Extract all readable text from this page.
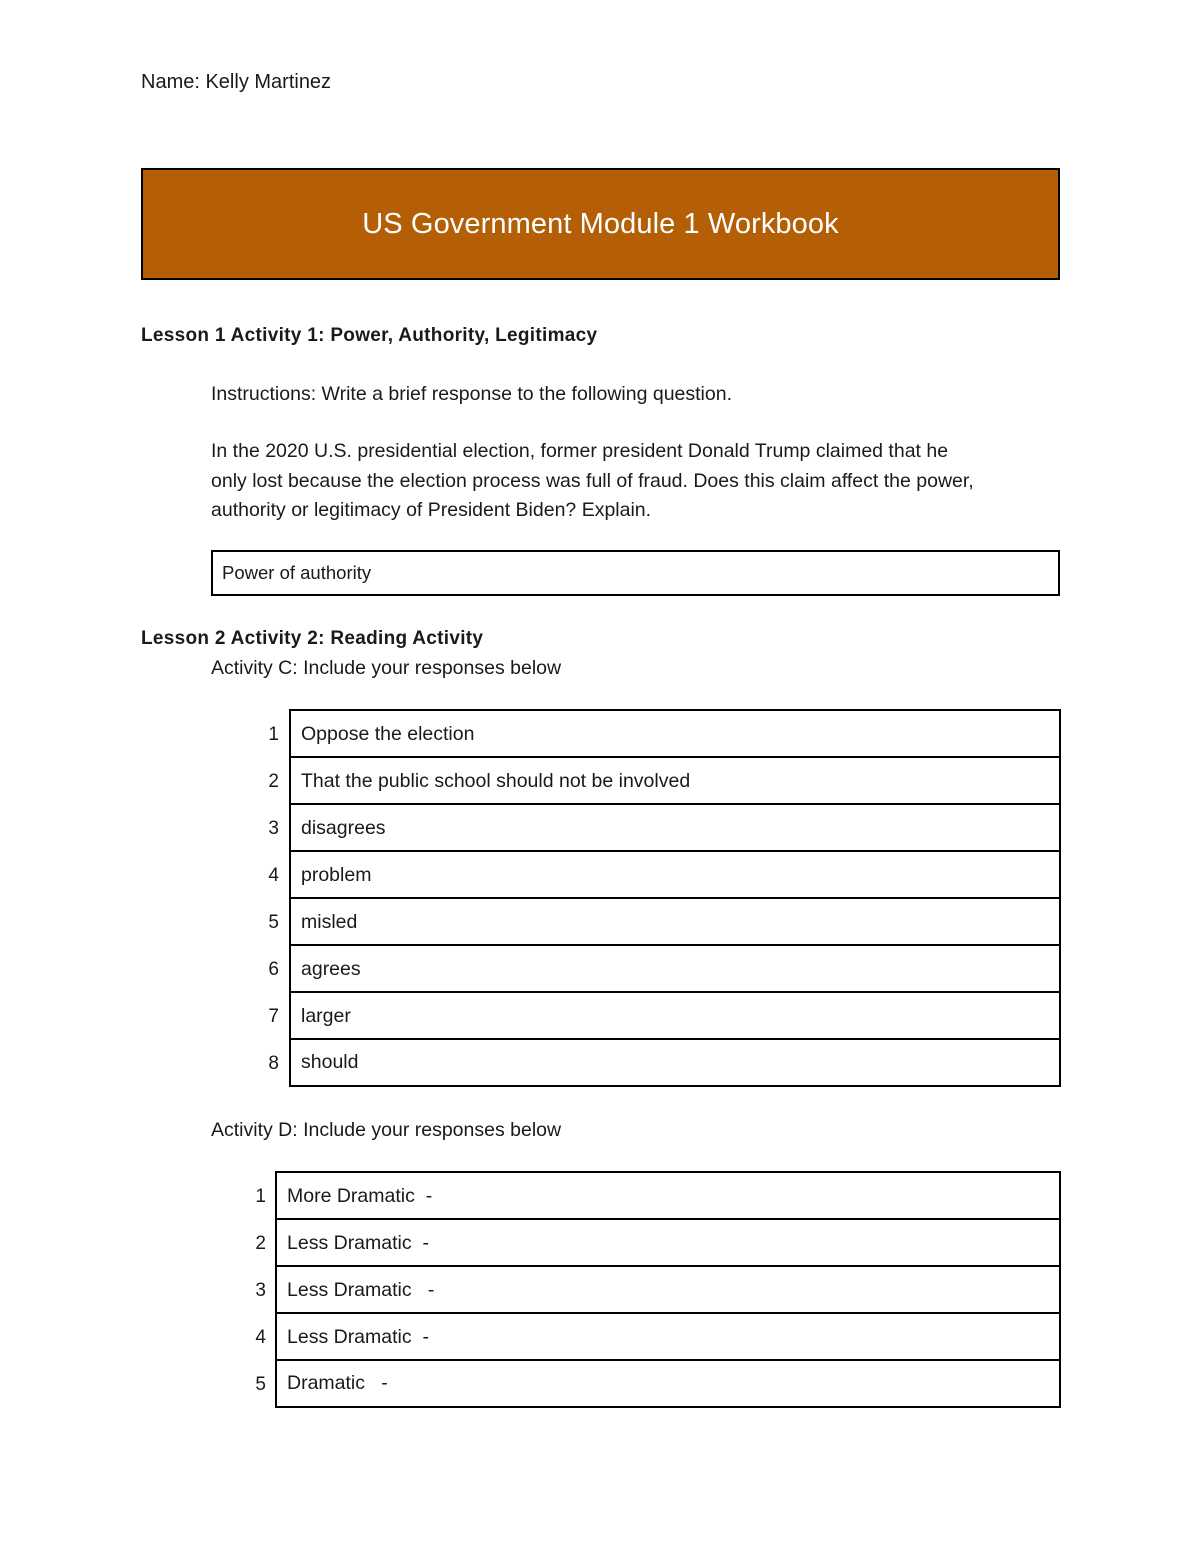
Name: Kelly Martinez
US Government Module 1 Workbook
Lesson 1 Activity 1: Power, Authority, Legitimacy
Instructions: Write a brief response to the following question.
In the 2020 U.S. presidential election, former president Donald Trump claimed that he
only lost because the election process was full of fraud. Does this claim affect the power,
authority or legitimacy of President Biden? Explain.
Power of authority
Lesson 2 Activity 2: Reading Activity
Activity C: Include your responses below
1	Oppose the election
2	That the public school should not be involved
3	disagrees
4	problem
5	misled
6	agrees
7	larger
8	should
Activity D: Include your responses below
1	More Dramatic  -
2	Less Dramatic  -
3	Less Dramatic   -
4	Less Dramatic  -
5	Dramatic   -
